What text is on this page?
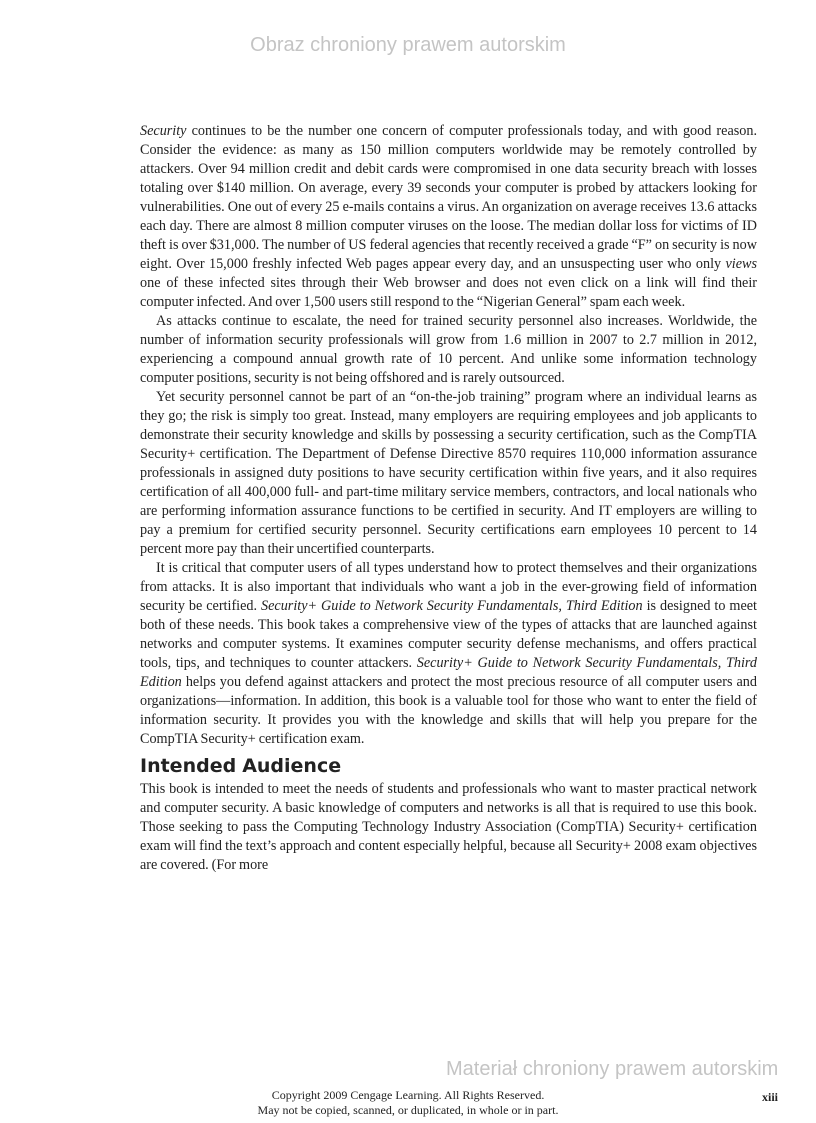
Obraz chroniony prawem autorskim

Security continues to be the number one concern of computer professionals today, and with good reason. Consider the evidence: as many as 150 million computers worldwide may be remotely controlled by attackers. Over 94 million credit and debit cards were compromised in one data security breach with losses totaling over $140 million. On average, every 39 seconds your computer is probed by attackers looking for vulnerabilities. One out of every 25 e-mails contains a virus. An organization on average receives 13.6 attacks each day. There are almost 8 million computer viruses on the loose. The median dollar loss for victims of ID theft is over $31,000. The number of US federal agencies that recently received a grade “F” on security is now eight. Over 15,000 freshly infected Web pages appear every day, and an unsuspecting user who only views one of these infected sites through their Web browser and does not even click on a link will find their computer infected. And over 1,500 users still respond to the “Nigerian General” spam each week.

As attacks continue to escalate, the need for trained security personnel also increases. Worldwide, the number of information security professionals will grow from 1.6 million in 2007 to 2.7 million in 2012, experiencing a compound annual growth rate of 10 percent. And unlike some information technology computer positions, security is not being offshored and is rarely outsourced.

Yet security personnel cannot be part of an “on-the-job training” program where an individual learns as they go; the risk is simply too great. Instead, many employers are requiring employees and job applicants to demonstrate their security knowledge and skills by possessing a security certification, such as the CompTIA Security+ certification. The Department of Defense Directive 8570 requires 110,000 information assurance professionals in assigned duty positions to have security certification within five years, and it also requires certification of all 400,000 full- and part-time military service members, contractors, and local nationals who are performing information assurance functions to be certified in security. And IT employers are willing to pay a premium for certified security personnel. Security certifications earn employees 10 percent to 14 percent more pay than their uncertified counterparts.

It is critical that computer users of all types understand how to protect themselves and their organizations from attacks. It is also important that individuals who want a job in the ever-growing field of information security be certified. Security+ Guide to Network Security Fundamentals, Third Edition is designed to meet both of these needs. This book takes a comprehensive view of the types of attacks that are launched against networks and computer systems. It examines computer security defense mechanisms, and offers practical tools, tips, and techniques to counter attackers. Security+ Guide to Network Security Fundamentals, Third Edition helps you defend against attackers and protect the most precious resource of all computer users and organizations—information. In addition, this book is a valuable tool for those who want to enter the field of information security. It provides you with the knowledge and skills that will help you prepare for the CompTIA Security+ certification exam.

Intended Audience

This book is intended to meet the needs of students and professionals who want to master practical network and computer security. A basic knowledge of computers and networks is all that is required to use this book. Those seeking to pass the Computing Technology Industry Association (CompTIA) Security+ certification exam will find the text’s approach and content especially helpful, because all Security+ 2008 exam objectives are covered. (For more

Materiał chroniony prawem autorskim
xiii
Copyright 2009 Cengage Learning. All Rights Reserved.
May not be copied, scanned, or duplicated, in whole or in part.
